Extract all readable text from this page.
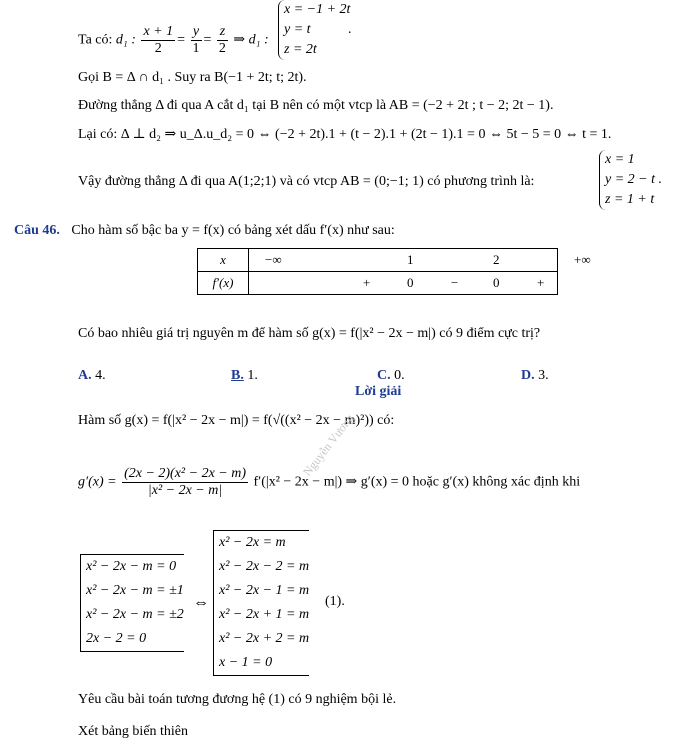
Ta có: d₁ : $\frac{x + 1}{2} = \frac{y}{1} = \frac{z}{2}$ ⇒ d₁ :
x = −1 + 2t
y = t
z = 2t
.
Gọi B = Δ ∩ d₁ . Suy ra B(−1 + 2t; t; 2t).
Đường thẳng Δ đi qua A cắt d₁ tại B nên có một vtcp là AB = (−2 + 2t ; t − 2; 2t − 1).
Lại có: Δ ⊥ d₂ ⇒ u_Δ.u_d₂ = 0 ⇔ (−2 + 2t).1 + (t − 2).1 + (2t − 1).1 = 0 ⇔ 5t − 5 = 0 ⇔ t = 1.
Vậy đường thẳng Δ đi qua A(1;2;1) và có vtcp AB = (0;−1; 1) có phương trình là:
x = 1
y = 2 − t .
z = 1 + t
Câu 46. Cho hàm số bậc ba y = f(x) có bảng xét dấu f′(x) như sau:
x	−∞ 1 2 +∞

f′(x)	+ 0 − 0 +
Có bao nhiêu giá trị nguyên m để hàm số g(x) = f(|x² − 2x − m|) có 9 điểm cực trị?
A. 4.	B. 1.	C. 0.	D. 3.
Lời giải
Hàm số g(x) = f(|x² − 2x − m|) = f(√((x² − 2x − m)²)) có:
$g'(x) = \frac{\text{(2x − 2)(x² − 2x − m)}}{\text{|x² − 2x − m|}} f'(|x^2 - 2x - m|)$ ⇒ g′(x) = 0 hoặc g′(x) không xác định khi
Nguyễn Vương
x² − 2x − m = 0
x² − 2x − m = ±1
x² − 2x − m = ±2
2x − 2 = 0
⇔
x² − 2x = m
x² − 2x − 2 = m
x² − 2x − 1 = m
x² − 2x + 1 = m
x² − 2x + 2 = m
x − 1 = 0
(1).
Yêu cầu bài toán tương đương hệ (1) có 9 nghiệm bội lẻ.
Xét bảng biến thiên
